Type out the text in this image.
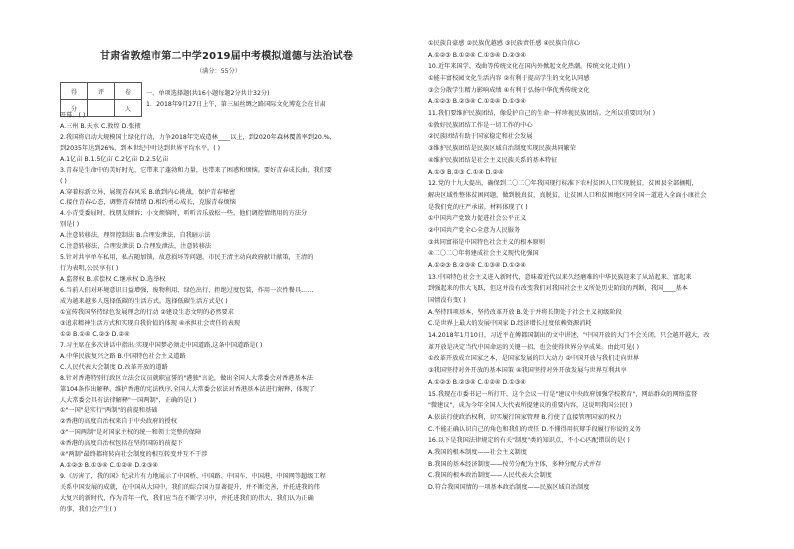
甘肃省敦煌市第二中学2019届中考模拟道德与法治试卷
（满分：55分）
得	评	卷
分		人
一、单项选择题(共16小题每题2分共计32分)
1．2018年9月27日上午，第三届丝绸之路国际文化博览会在甘肃
开幕。( )
A.三州 B.天水 C.敦煌 D.张掖
2.我国将启动大规模国土绿化行动，力争2018年完成造林____以上，到2020年森林覆盖率到20.%，
到2035年达到26%，到本世纪中叶达到世界平均水平。( )
A.1亿亩 B.1.5亿亩 C.2亿亩 D.2.5亿亩
3.青春是生命中的美好时光，它带来了蓬勃和力量，也带来了困惑和烦恼。要好青春成长曲，我们要
( )
A.穿着标新立异，展现青春风采 B.敢到内心挑战，保护青春秘密
C.接住青春心态，调整青春情绪 D.相约勇心成长，克服青春烦恼
4.小青受委屈时，找朋友倾诉；小文烦恼时，听听音乐放松一些。他们调控情绪用的方法分
别是( )
A.注意转移法，理智控制法 B.合理发泄法，自我暗示法
C.注意转移法，合理发泄法 D.合理发泄法，注意转移法
5.针对共享单车私用，私占随加锁，故意损坏等问题，市民王清主动向政府献计献策，王清的
行为表明,公民享有( )
A.监督权 B.求偿权 C.继承权 D.选举权
6.当前人们对环境意识日益增强，废物利用、绿色出行、拒绝过度包装，作用一次性餐具……
成为越来越多人选择低碳的生活方式。选择低碳生活方式是( )
①宣传我国坚持绿色发展理念的行动 ②建设生态文明的必然要求
③追求精神生活方式和实现自我价值的体现 ④承担社会责任的表现
①② B.①④ C.②③ D.②④
7.习主席在多次讲话中指出:实现中国梦必须走中国道路,这条中国道路是( )
A.中华民族复兴之路 B.中国特色社会主义道路
C.人民代表大会制度 D.改革开放的道路
8.针对香港特别行政区立法会议员就职宣誓的"港独"言论，做出全国人大常委会对香港基本法
第104条作出解释、维护香港的宪法秩序,全国人大常委会依法对香港基本法进行解释，体现了
人大常委会具有法律解释"一国两制"，正确的是( )
①"一国"是实行"两制"的前提和基础
②香港的高度自治权来自于中央政府的授权
③"一国两制"是对国家主权的统一和领土完整的保障
④香港的高度自治权包括在坚持国防的前提下
④"两制"最终都将转向社会制度的相互转变并互不干涉
A.①②③ B.①③④ C.①②④ D.②③④
9.《厉害了，我的国》纪录片有力地展示了中国桥、中国路、中国车、中国港、中国网等超级工程
关系中国发展的成就，在中国从大国中，我们的综合国力显著提升，并不断完善，并托进我的伟
大复兴的新时代，作为青年一代，我们应当在不断学习中，并托进我们的伟大，我们认为正确
的事，我们会产生( )
①民族自豪感 ②民族优越感 ③民族责任感 ④民族自信心
A.①②③ B.①②④ C.①③④ D.②③④
10.近年来国学、戏曲等传统文化在国内外掀起文化热潮。传统文化走俏( )
①能丰富校园文化生活内容 ②有利于提高学生的文化认同感
③会分散学生精力影响成绩 ④有利于弘扬中华优秀传统文化
A.①②③ B.②③④ C.①②④ D.①③④
11.我们要维护民族团结，像爱护自己的生命一样珍视民族团结。之所以重要因为( )
①敦好民族团结工作是一切工作的中心
②民族团结有助于国家稳定和社会发展
③维护民族团结是民族区域自治制度实现民族共同繁荣
④维护民族团结是社会主义民族关系的基本特征
A.①③ B.②③ C.①④ D.②④
12.党的十九大提出，确保到二〇二〇年我国现行标准下农村贫困人口实现脱贫，贫困县全部摘帽，
解决区域性整体贫困问题，做到脱真贫，真脱贫，让贫困人口和贫困地区同全国一道进入全面小康社会
是我们党的庄严承诺。材料体现了( )
①中国共产党致力促进社会公平正义
②中国共产党全心全意为人民服务
③共同富裕是中国特色社会主义的根本原则
④二〇二〇年将建成社会主义现代化强国
A.①②③ B.②③④ C.①③④ D.①②④
13.中国特色社会主义进入新时代，意味着近代以来久经磨难的中华民族迎来了从站起来、富起来
到强起来的伟大飞跃，但这并没有改变我们对我国社会主义所处历史阶段的判断，我国____基本
国情没有变( )
A.坚持四项基本，坚持改革开放 B.处于并将长期处于社会主义初级阶段
C.是世界上最大的发展中国家 D.经济增长过度依赖资源消耗
14.2018年1月10日，习近平在傅都国制出的文中讲述，"中国开放的大门不会关闭，只会越开越大，改
革开放是决定当代中国命运的关键一招，也会使得世界分享成果。由此可见( )
①改革开放成立国家之本，是国家发展的巨大动力 ②中国开放与我们走向世界
③我国坚持对外开放的基本国策 ④我国坚持对外开放发展与世界互利共享
A.①②③ B.②③④ C.①②④ D.①③④
15.我现在市委书记一所打开、这个会议一行是"建议中央政府加强学校教育"，网站群众的网络监督
"微建议"，成为今年全国人大代表所提建议的重要内容，这说明我国公民( )
A.依法行使政治权利，切实履行国家管理 B.行使了直接管理国家的权力
C.不能正确认识自己的角色和我们的责任 D.不懂得用抗辩手段履行你说的义务
16.以下是我国法律规定的有关"制度"类的知识点，不小心匹配错误的是( )
A.我国的根本制度——社会主义制度
B.我国的基本经济制度——按劳分配为主体，多种分配方式并存
C.我国的根本政治制度——人民代表大会制度
D.符合我国国情的一项基本政治制度——民族区域自治制度
